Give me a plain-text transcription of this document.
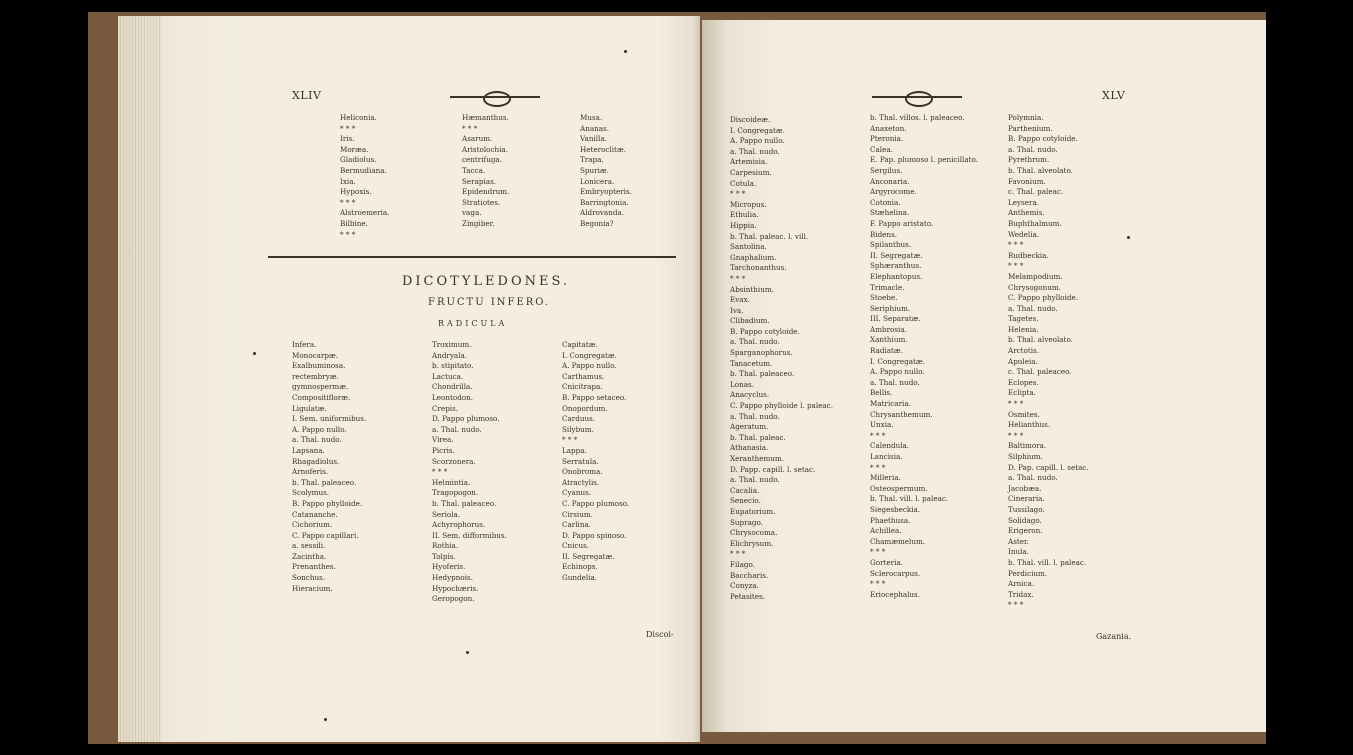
XLIV
Heliconia.
* * *
Iris.
Moræa.
Gladiolus.
Bermudiana.
Ixia.
Hypoxis.
* * *
Alstroemeria.
Bilbine.
* * *
Hæmanthus.
* * *
Asarum.
Aristolochia.
centrifuga.
Tacca.
Serapias.
Epidendrum.
Stratiotes.
vaga.
Zingiber.
Musa.
Ananas.
Vanilla.
Heteroclitæ.
Trapa.
Spuriæ.
Lonicera.
Embryopteris.
Barringtonia.
Aldrovanda.
Begonia?
DICOTYLEDONES.
FRUCTU INFERO.
RADICULA
Infera.
Monocarpæ.
Exalbuminosa.
rectembryæ.
gymnospermæ.
Compositifloræ.
Ligulatæ.
I. Sem. uniformibus.
A. Pappo nullo.
a. Thal. nudo.
Lapsana.
Rhagadiolus.
Arnoferis.
b. Thal. paleaceo.
Scolymus.
B. Pappo phylloide.
Catananche.
Cichorium.
C. Pappo capillari.
a. sessili.
Zacintha.
Prenanthes.
Sonchus.
Hieracium.
Troximum.
Andryala.
b. stipitato.
Lactuca.
Chondrilla.
Leontodon.
Crepis.
D. Pappo plumoso.
a. Thal. nudo.
Virea.
Picris.
Scorzonera.
* * *
Helmintia.
Tragopogon.
b. Thal. paleaceo.
Seriola.
Achyrophorus.
II. Sem. difformibus.
Rothia.
Tolpis.
Hyoferis.
Hedypnois.
Hypochæris.
Geropogon.
Capitatæ.
I. Congregatæ.
A. Pappo nullo.
Carthamus.
Cnicitrapa.
B. Pappo setaceo.
Onopordum.
Carduus.
Silybum.
* * *
Lappa.
Serratula.
Onobroma.
Atractylis.
Cyanus.
C. Pappo plumoso.
Cirsium.
Carlina.
D. Pappo spinoso.
Cnicus.
II. Segregatæ.
Echinops.
Gundelia.
Discoi-
XLV
Discoideæ.
I. Congregatæ.
A. Pappo nullo.
a. Thal. nudo.
Artemisia.
Carpesium.
Cotula.
* * *
Micropus.
Ethulia.
Hippia.
b. Thal. paleac. l. vill.
Santolina.
Gnaphalium.
Tarchonanthus.
* * *
Absinthium.
Evax.
Iva.
Clibadium.
B. Pappo cotyloide.
a. Thal. nudo.
Sparganophorus.
Tanacetum.
b. Thal. paleaceo.
Lonas.
Anacyclus.
C. Pappo phylloide l. paleac.
a. Thal. nudo.
Ageratum.
b. Thal. paleac.
Athanasia.
Xeranthemum.
D. Papp. capill. l. setac.
a. Thal. nudo.
Cacalia.
Senecio.
Eupatorium.
Suprago.
Chrysocoma.
Elichrysum.
* * *
Filago.
Baccharis.
Conyza.
Petasites.
b. Thal. villos. l. paleaceo.
Anaxeton.
Pteronia.
Calea.
E. Pap. plumoso l. penicillato.
Sergilus.
Anconaria.
Argyrocome.
Cotonia.
Stæhelina.
F. Pappo aristato.
Bidens.
Spilanthus.
II. Segregatæ.
Sphæranthus.
Elephantopus.
Trimacle.
Stoebe.
Seriphium.
III. Separatæ.
Ambrosia.
Xanthium.
Radiatæ.
I. Congregatæ.
A. Pappo nullo.
a. Thal. nudo.
Bellis.
Matricaria.
Chrysanthemum.
Unxia.
* * *
Calendula.
Lancisia.
* * *
Milleria.
Osteospermum.
b. Thal. vill. l. paleac.
Siegesbeckia.
Phaethusa.
Achillea.
Chamæmelum.
* * *
Gorteria.
Sclerocarpus.
* * *
Eriocephalus.
Polymnia.
Parthenium.
B. Pappo cotyloide.
a. Thal. nudo.
Pyrethrum.
b. Thal. alveolato.
Favonium.
c. Thal. paleac.
Leysera.
Anthemis.
Buphthalmum.
Wedelia.
* * *
Rudbeckia.
* * *
Melampodium.
Chrysogonum.
C. Pappo phylloide.
a. Thal. nudo.
Tagetes.
Helenia.
b. Thal. alveolato.
Arctotis.
Apuleia.
c. Thal. paleaceo.
Eclopes.
Eclipta.
* * *
Osmites.
Helianthus.
* * *
Baltimora.
Silphium.
D. Pap. capill. l. setac.
a. Thal. nudo.
Jacobæa.
Cineraria.
Tussilago.
Solidago.
Erigeron.
Aster.
Inula.
b. Thal. vill. l. paleac.
Perdicium.
Arnica.
Tridax.
* * *
Gazania.
